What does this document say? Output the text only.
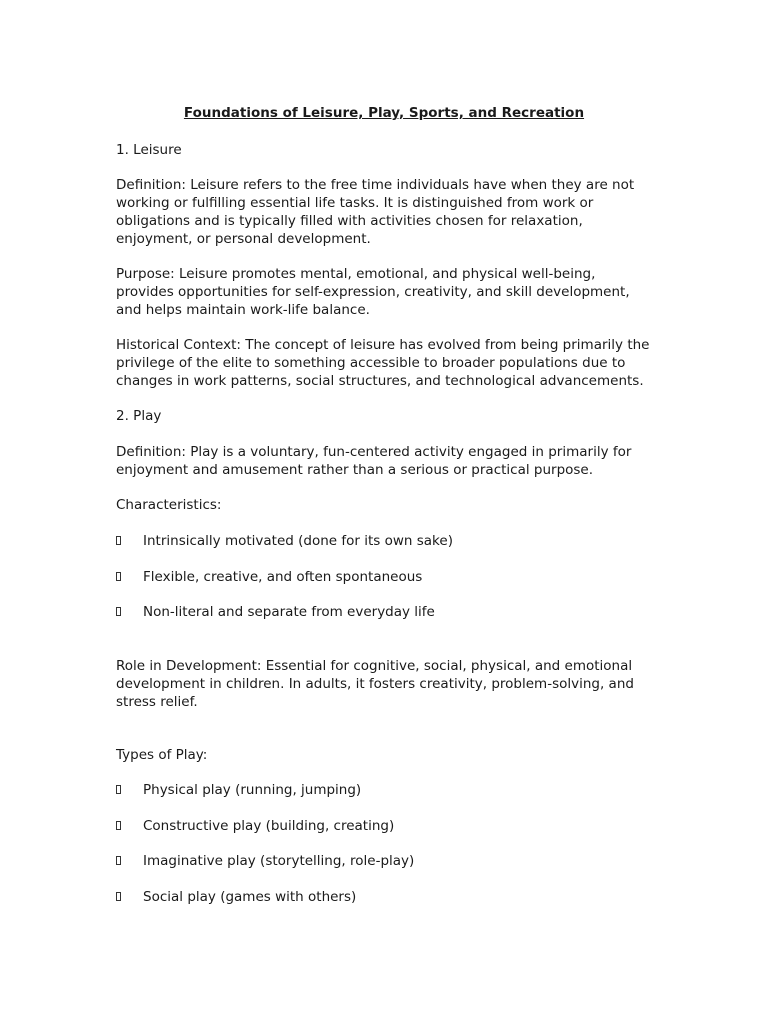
Foundations of Leisure, Play, Sports, and Recreation

1. Leisure

Definition: Leisure refers to the free time individuals have when they are not working or fulfilling essential life tasks. It is distinguished from work or obligations and is typically filled with activities chosen for relaxation, enjoyment, or personal development.

Purpose: Leisure promotes mental, emotional, and physical well-being, provides opportunities for self-expression, creativity, and skill development, and helps maintain work-life balance.

Historical Context: The concept of leisure has evolved from being primarily the privilege of the elite to something accessible to broader populations due to changes in work patterns, social structures, and technological advancements.

2. Play

Definition: Play is a voluntary, fun-centered activity engaged in primarily for enjoyment and amusement rather than a serious or practical purpose.

Characteristics:

Intrinsically motivated (done for its own sake)
Flexible, creative, and often spontaneous
Non-literal and separate from everyday life

Role in Development: Essential for cognitive, social, physical, and emotional development in children. In adults, it fosters creativity, problem-solving, and stress relief.

Types of Play:

Physical play (running, jumping)
Constructive play (building, creating)
Imaginative play (storytelling, role-play)
Social play (games with others)
